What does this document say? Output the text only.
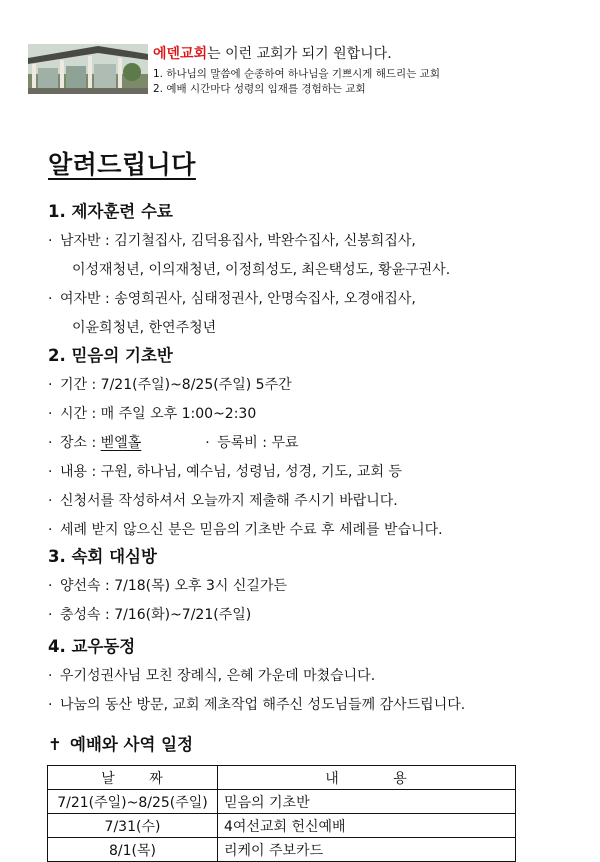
에덴교회는 이런 교회가 되기 원합니다.
1. 하나님의 말씀에 순종하여 하나님을 기쁘시게 해드리는 교회
2. 예배 시간마다 성령의 임재를 경험하는 교회
알려드립니다
1. 제자훈련 수료
· 남자반 : 김기철집사, 김덕용집사, 박완수집사, 신봉희집사,
이성재청년, 이의재청년, 이정희성도, 최은택성도, 황윤구권사.
· 여자반 : 송영희권사, 심태정권사, 안명숙집사, 오경애집사,
이윤희청년, 한연주청년
2. 믿음의 기초반
· 기간 : 7/21(주일)~8/25(주일) 5주간
· 시간 : 매 주일 오후 1:00~2:30
· 장소 : 벧엘홀	· 등록비 : 무료
· 내용 : 구원, 하나님, 예수님, 성령님, 성경, 기도, 교회 등
· 신청서를 작성하셔서 오늘까지 제출해 주시기 바랍니다.
· 세례 받지 않으신 분은 믿음의 기초반 수료 후 세례를 받습니다.
3. 속회 대심방
· 양선속 : 7/18(목) 오후 3시 신길가든
· 충성속 : 7/16(화)~7/21(주일)
4. 교우동정
· 우기성권사님 모친 장례식, 은혜 가운데 마쳤습니다.
· 나눔의 동산 방문, 교회 제초작업 해주신 성도님들께 감사드립니다.
✝ 예배와 사역 일정
날 짜	내 용
7/21(주일)~8/25(주일)	믿음의 기초반
7/31(수)	4여선교회 헌신예배
8/1(목)	리케이 주보카드
